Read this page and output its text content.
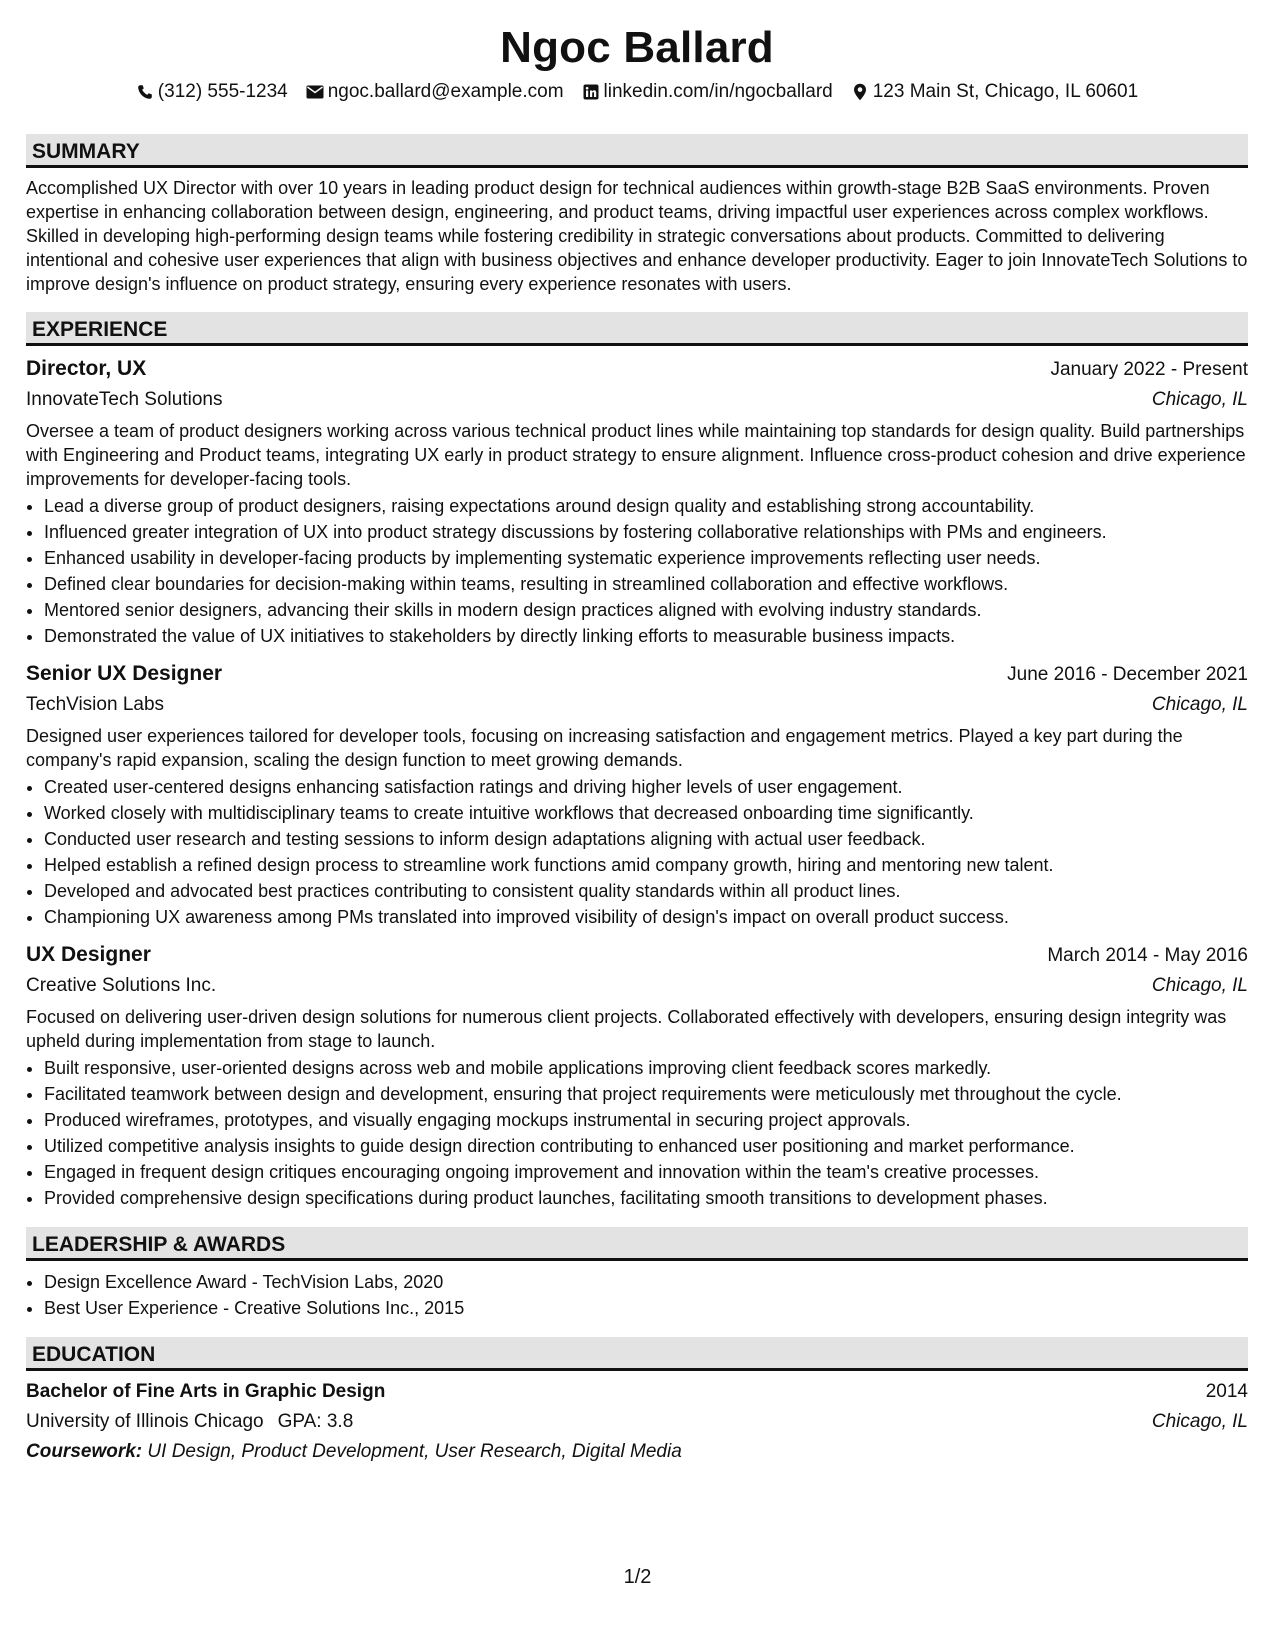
Ngoc Ballard
(312) 555-1234 ngoc.ballard@example.com linkedin.com/in/ngocballard 123 Main St, Chicago, IL 60601
SUMMARY
Accomplished UX Director with over 10 years in leading product design for technical audiences within growth-stage B2B SaaS environments. Proven expertise in enhancing collaboration between design, engineering, and product teams, driving impactful user experiences across complex workflows. Skilled in developing high-performing design teams while fostering credibility in strategic conversations about products. Committed to delivering intentional and cohesive user experiences that align with business objectives and enhance developer productivity. Eager to join InnovateTech Solutions to improve design's influence on product strategy, ensuring every experience resonates with users.
EXPERIENCE
Director, UX	January 2022 - Present
InnovateTech Solutions	Chicago, IL
Oversee a team of product designers working across various technical product lines while maintaining top standards for design quality. Build partnerships with Engineering and Product teams, integrating UX early in product strategy to ensure alignment. Influence cross-product cohesion and drive experience improvements for developer-facing tools.
• Lead a diverse group of product designers, raising expectations around design quality and establishing strong accountability.
• Influenced greater integration of UX into product strategy discussions by fostering collaborative relationships with PMs and engineers.
• Enhanced usability in developer-facing products by implementing systematic experience improvements reflecting user needs.
• Defined clear boundaries for decision-making within teams, resulting in streamlined collaboration and effective workflows.
• Mentored senior designers, advancing their skills in modern design practices aligned with evolving industry standards.
• Demonstrated the value of UX initiatives to stakeholders by directly linking efforts to measurable business impacts.
Senior UX Designer	June 2016 - December 2021
TechVision Labs	Chicago, IL
Designed user experiences tailored for developer tools, focusing on increasing satisfaction and engagement metrics. Played a key part during the company's rapid expansion, scaling the design function to meet growing demands.
• Created user-centered designs enhancing satisfaction ratings and driving higher levels of user engagement.
• Worked closely with multidisciplinary teams to create intuitive workflows that decreased onboarding time significantly.
• Conducted user research and testing sessions to inform design adaptations aligning with actual user feedback.
• Helped establish a refined design process to streamline work functions amid company growth, hiring and mentoring new talent.
• Developed and advocated best practices contributing to consistent quality standards within all product lines.
• Championing UX awareness among PMs translated into improved visibility of design's impact on overall product success.
UX Designer	March 2014 - May 2016
Creative Solutions Inc.	Chicago, IL
Focused on delivering user-driven design solutions for numerous client projects. Collaborated effectively with developers, ensuring design integrity was upheld during implementation from stage to launch.
• Built responsive, user-oriented designs across web and mobile applications improving client feedback scores markedly.
• Facilitated teamwork between design and development, ensuring that project requirements were meticulously met throughout the cycle.
• Produced wireframes, prototypes, and visually engaging mockups instrumental in securing project approvals.
• Utilized competitive analysis insights to guide design direction contributing to enhanced user positioning and market performance.
• Engaged in frequent design critiques encouraging ongoing improvement and innovation within the team's creative processes.
• Provided comprehensive design specifications during product launches, facilitating smooth transitions to development phases.
LEADERSHIP & AWARDS
• Design Excellence Award - TechVision Labs, 2020
• Best User Experience - Creative Solutions Inc., 2015
EDUCATION
Bachelor of Fine Arts in Graphic Design	2014
University of Illinois Chicago GPA: 3.8	Chicago, IL
Coursework: UI Design, Product Development, User Research, Digital Media
1/2
